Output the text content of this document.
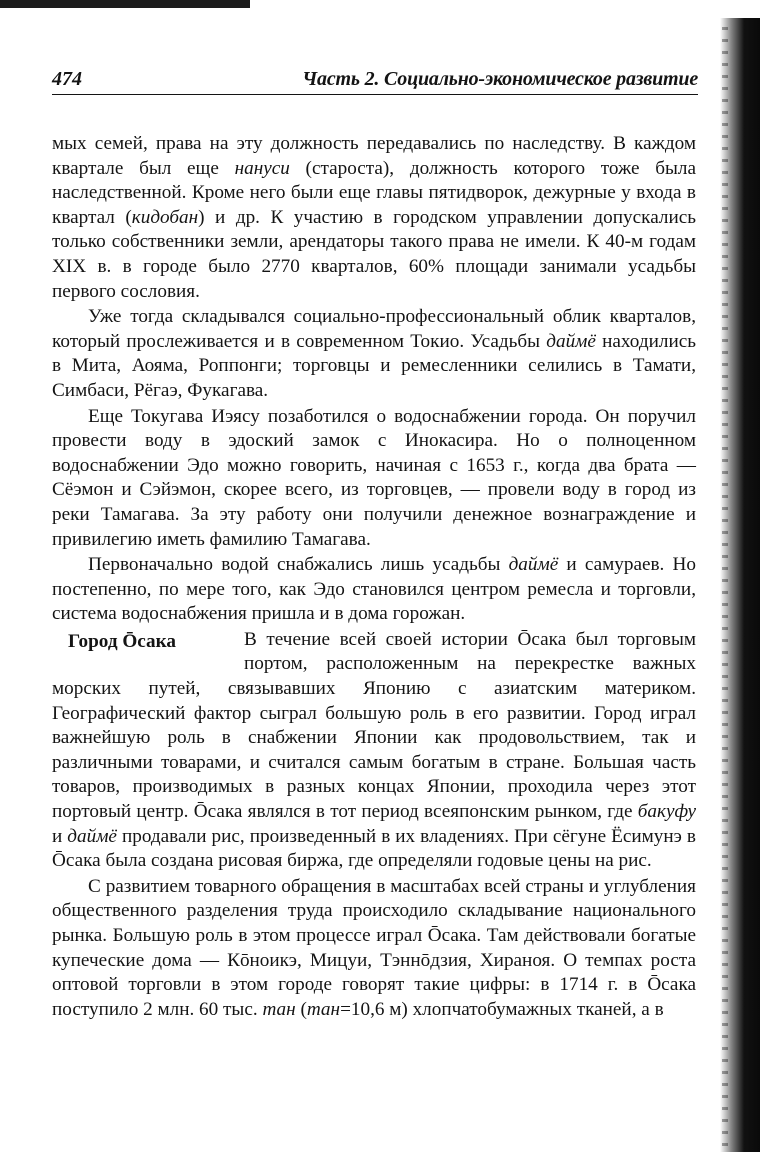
474	Часть 2. Социально-экономическое развитие

мых семей, права на эту должность передавались по наследству. В каждом квартале был еще нануси (староста), должность которого тоже была наследственной. Кроме него были еще главы пятидворок, дежурные у входа в квартал (кидобан) и др. К участию в городском управлении допускались только собственники земли, арендаторы такого права не имели. К 40-м годам XIX в. в городе было 2770 кварталов, 60% площади занимали усадьбы первого сословия.

Уже тогда складывался социально-профессиональный облик кварталов, который прослеживается и в современном Токио. Усадьбы даймё находились в Мита, Аояма, Роппонги; торговцы и ремесленники селились в Тамати, Симбаси, Рёгаэ, Фукагава.

Еще Токугава Иэясу позаботился о водоснабжении города. Он поручил провести воду в эдоский замок с Инокасира. Но о полноценном водоснабжении Эдо можно говорить, начиная с 1653 г., когда два брата — Сёэмон и Сэйэмон, скорее всего, из торговцев, — провели воду в город из реки Тамагава. За эту работу они получили денежное вознаграждение и привилегию иметь фамилию Тамагава.

Первоначально водой снабжались лишь усадьбы даймё и самураев. Но постепенно, по мере того, как Эдо становился центром ремесла и торговли, система водоснабжения пришла и в дома горожан.

Город Ōсака	В течение всей своей истории Ōсака был торговым портом, расположенным на перекрестке важных морских путей, связывавших Японию с азиатским материком. Географический фактор сыграл большую роль в его развитии. Город играл важнейшую роль в снабжении Японии как продовольствием, так и различными товарами, и считался самым богатым в стране. Большая часть товаров, производимых в разных концах Японии, проходила через этот портовый центр. Ōсака являлся в тот период всеяпонским рынком, где бакуфу и даймё продавали рис, произведенный в их владениях. При сёгуне Ёсимунэ в Ōсака была создана рисовая биржа, где определяли годовые цены на рис.

С развитием товарного обращения в масштабах всей страны и углубления общественного разделения труда происходило складывание национального рынка. Большую роль в этом процессе играл Ōсака. Там действовали богатые купеческие дома — Кōноикэ, Мицуи, Тэннōдзия, Хираноя. О темпах роста оптовой торговли в этом городе говорят такие цифры: в 1714 г. в Ōсака поступило 2 млн. 60 тыс. тан (тан=10,6 м) хлопчатобумажных тканей, а в
